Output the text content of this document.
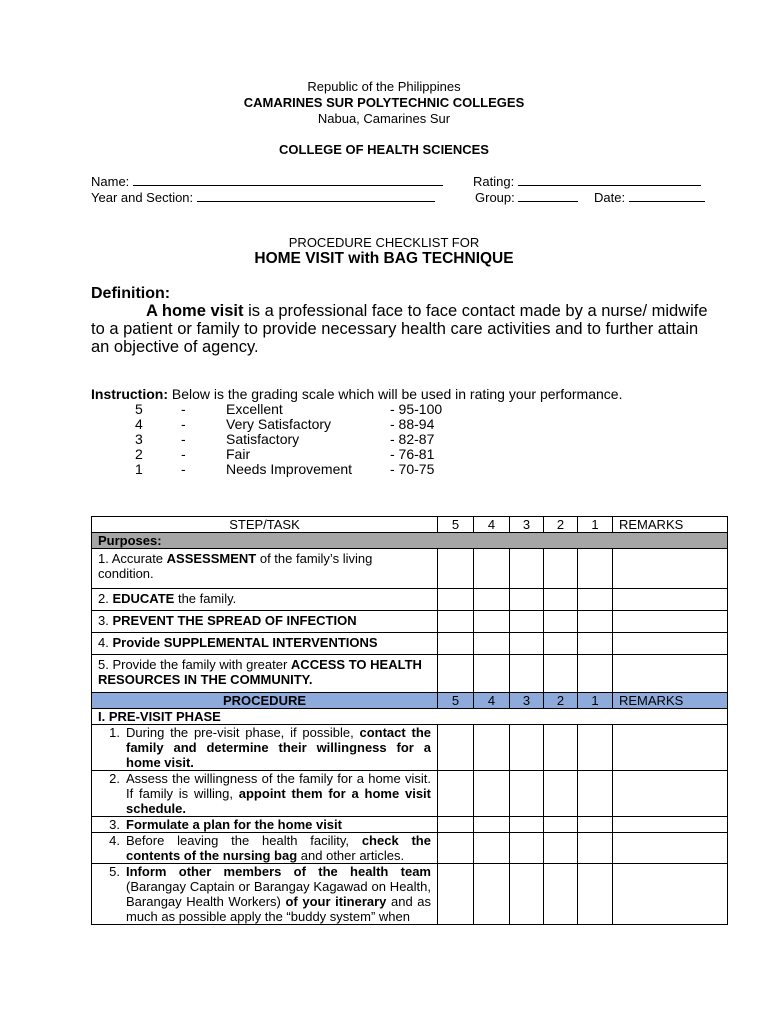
Republic of the Philippines
CAMARINES SUR POLYTECHNIC COLLEGES
Nabua, Camarines Sur
COLLEGE OF HEALTH SCIENCES
Name:	Rating:
Year and Section:	Group:	Date:
PROCEDURE CHECKLIST FOR
HOME VISIT with BAG TECHNIQUE
Definition:
A home visit is a professional face to face contact made by a nurse/ midwife to a patient or family to provide necessary health care activities and to further attain an objective of agency.
Instruction: Below is the grading scale which will be used in rating your performance.
5	-	Excellent	- 95-100
4	-	Very Satisfactory	- 88-94
3	-	Satisfactory	- 82-87
2	-	Fair	- 76-81
1	-	Needs Improvement	- 70-75
STEP/TASK	5	4	3	2	1	REMARKS
Purposes:						
1. Accurate ASSESSMENT of the family’s living condition.						
2. EDUCATE the family.						
3. PREVENT THE SPREAD OF INFECTION						
4. Provide SUPPLEMENTAL INTERVENTIONS						
5. Provide the family with greater ACCESS TO HEALTH RESOURCES IN THE COMMUNITY.						
PROCEDURE	5	4	3	2	1	REMARKS
I. PRE-VISIT PHASE						

1. During the pre-visit phase, if possible, contact the family and determine their willingness for a home visit.						

2. Assess the willingness of the family for a home visit. If family is willing, appoint them for a home visit schedule.						

3. Formulate a plan for the home visit						

4. Before leaving the health facility, check the contents of the nursing bag and other articles.						

5. Inform other members of the health team (Barangay Captain or Barangay Kagawad on Health, Barangay Health Workers) of your itinerary and as much as possible apply the “buddy system” when						
